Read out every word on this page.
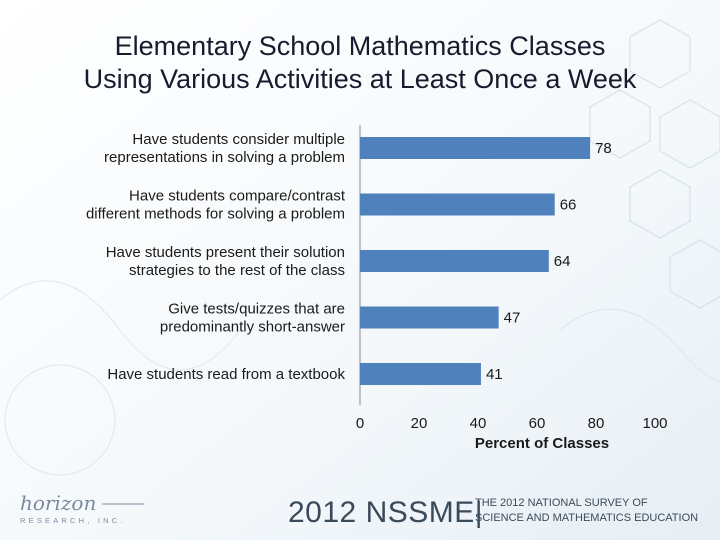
Elementary School Mathematics Classes
Using Various Activities at Least Once a Week
78
Have students consider multiple
representations in solving a problem
66
Have students compare/contrast
different methods for solving a problem
64
Have students present their solution
strategies to the rest of the class
47
Give tests/quizzes that are
predominantly short-answer
41
Have students read from a textbook
0	20	40	60	80	100
Percent of Classes
horizon
RESEARCH, INC.	2012 NSSME|
THE 2012 NATIONAL SURVEY OF
SCIENCE AND MATHEMATICS EDUCATION
